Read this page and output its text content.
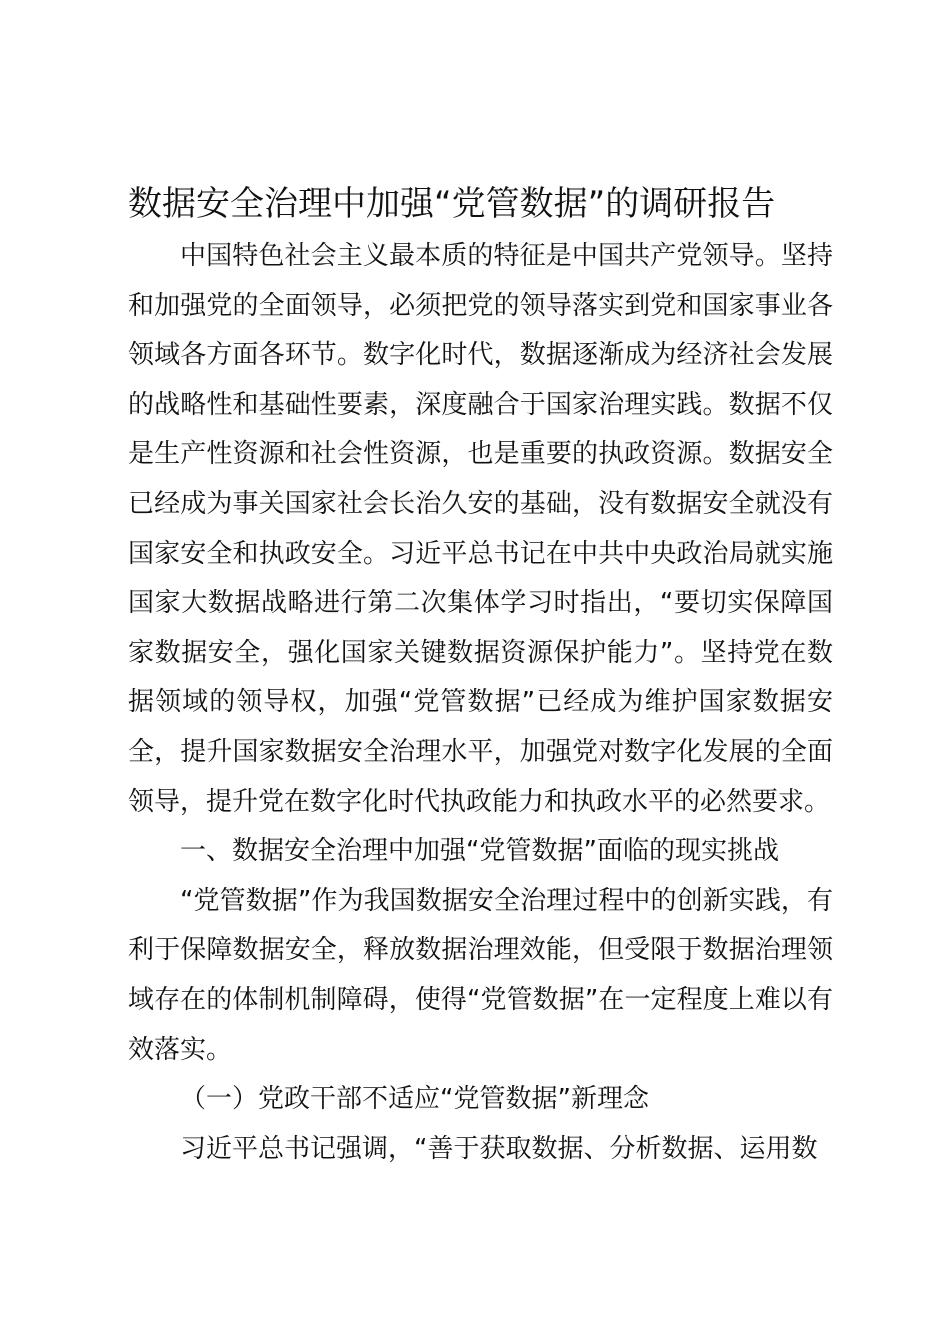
数据安全治理中加强“党管数据”的调研报告

中国特色社会主义最本质的特征是中国共产党领导。坚持和加强党的全面领导，必须把党的领导落实到党和国家事业各领域各方面各环节。数字化时代，数据逐渐成为经济社会发展的战略性和基础性要素，深度融合于国家治理实践。数据不仅是生产性资源和社会性资源，也是重要的执政资源。数据安全已经成为事关国家社会长治久安的基础，没有数据安全就没有国家安全和执政安全。习近平总书记在中共中央政治局就实施国家大数据战略进行第二次集体学习时指出，“要切实保障国家数据安全，强化国家关键数据资源保护能力”。坚持党在数据领域的领导权，加强“党管数据”已经成为维护国家数据安全，提升国家数据安全治理水平，加强党对数字化发展的全面领导，提升党在数字化时代执政能力和执政水平的必然要求。

一、数据安全治理中加强“党管数据”面临的现实挑战

“党管数据”作为我国数据安全治理过程中的创新实践，有利于保障数据安全，释放数据治理效能，但受限于数据治理领域存在的体制机制障碍，使得“党管数据”在一定程度上难以有效落实。

（一）党政干部不适应“党管数据”新理念

习近平总书记强调，“善于获取数据、分析数据、运用数
